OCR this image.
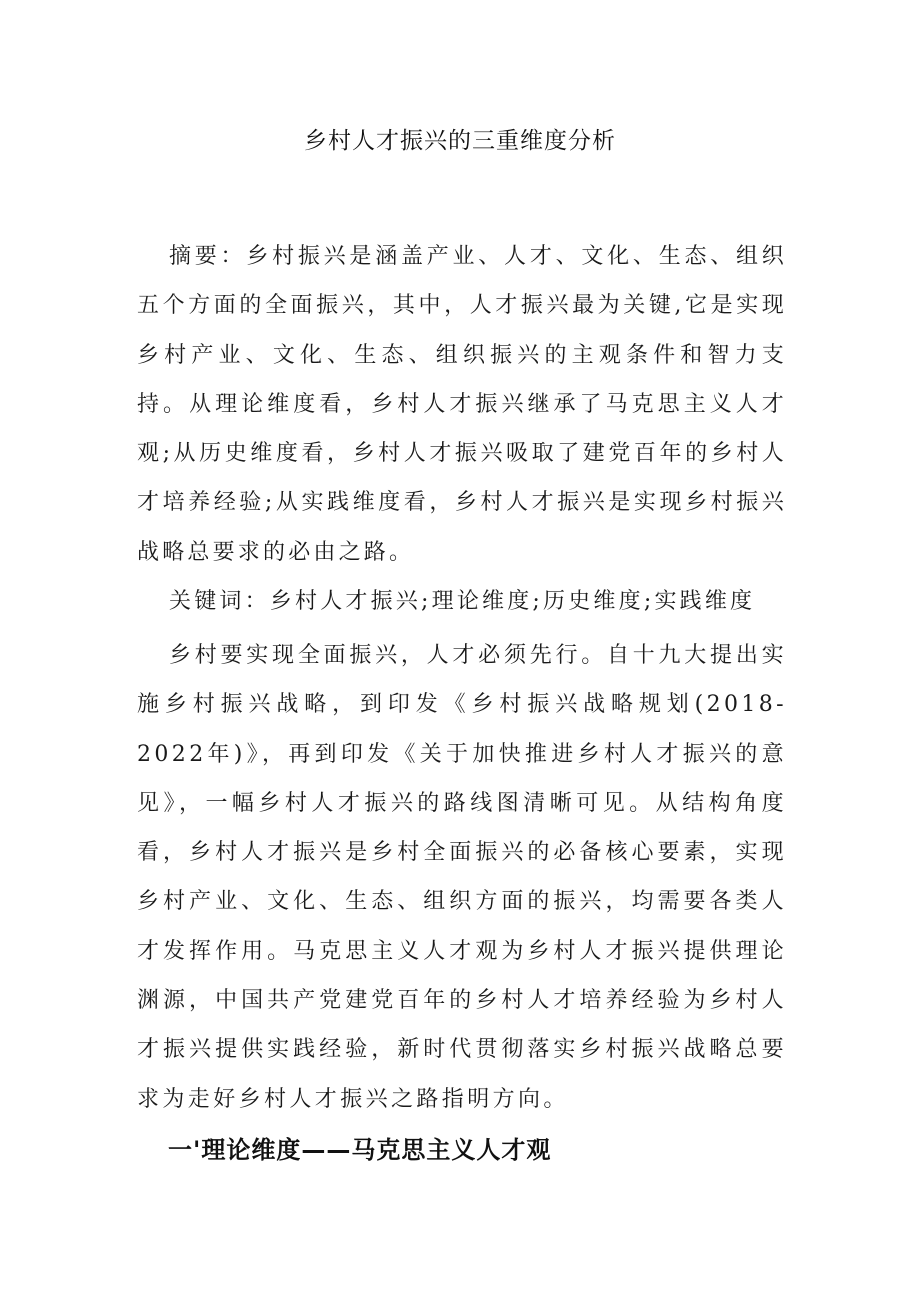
乡村人才振兴的三重维度分析

摘要：乡村振兴是涵盖产业、人才、文化、生态、组织五个方面的全面振兴，其中，人才振兴最为关键,它是实现乡村产业、文化、生态、组织振兴的主观条件和智力支持。从理论维度看，乡村人才振兴继承了马克思主义人才观;从历史维度看，乡村人才振兴吸取了建党百年的乡村人才培养经验;从实践维度看，乡村人才振兴是实现乡村振兴战略总要求的必由之路。

关键词：乡村人才振兴;理论维度;历史维度;实践维度

乡村要实现全面振兴，人才必须先行。自十九大提出实施乡村振兴战略，到印发《乡村振兴战略规划(2018-2022年)》，再到印发《关于加快推进乡村人才振兴的意见》，一幅乡村人才振兴的路线图清晰可见。从结构角度看，乡村人才振兴是乡村全面振兴的必备核心要素，实现乡村产业、文化、生态、组织方面的振兴，均需要各类人才发挥作用。马克思主义人才观为乡村人才振兴提供理论渊源，中国共产党建党百年的乡村人才培养经验为乡村人才振兴提供实践经验，新时代贯彻落实乡村振兴战略总要求为走好乡村人才振兴之路指明方向。

一'理论维度——马克思主义人才观
